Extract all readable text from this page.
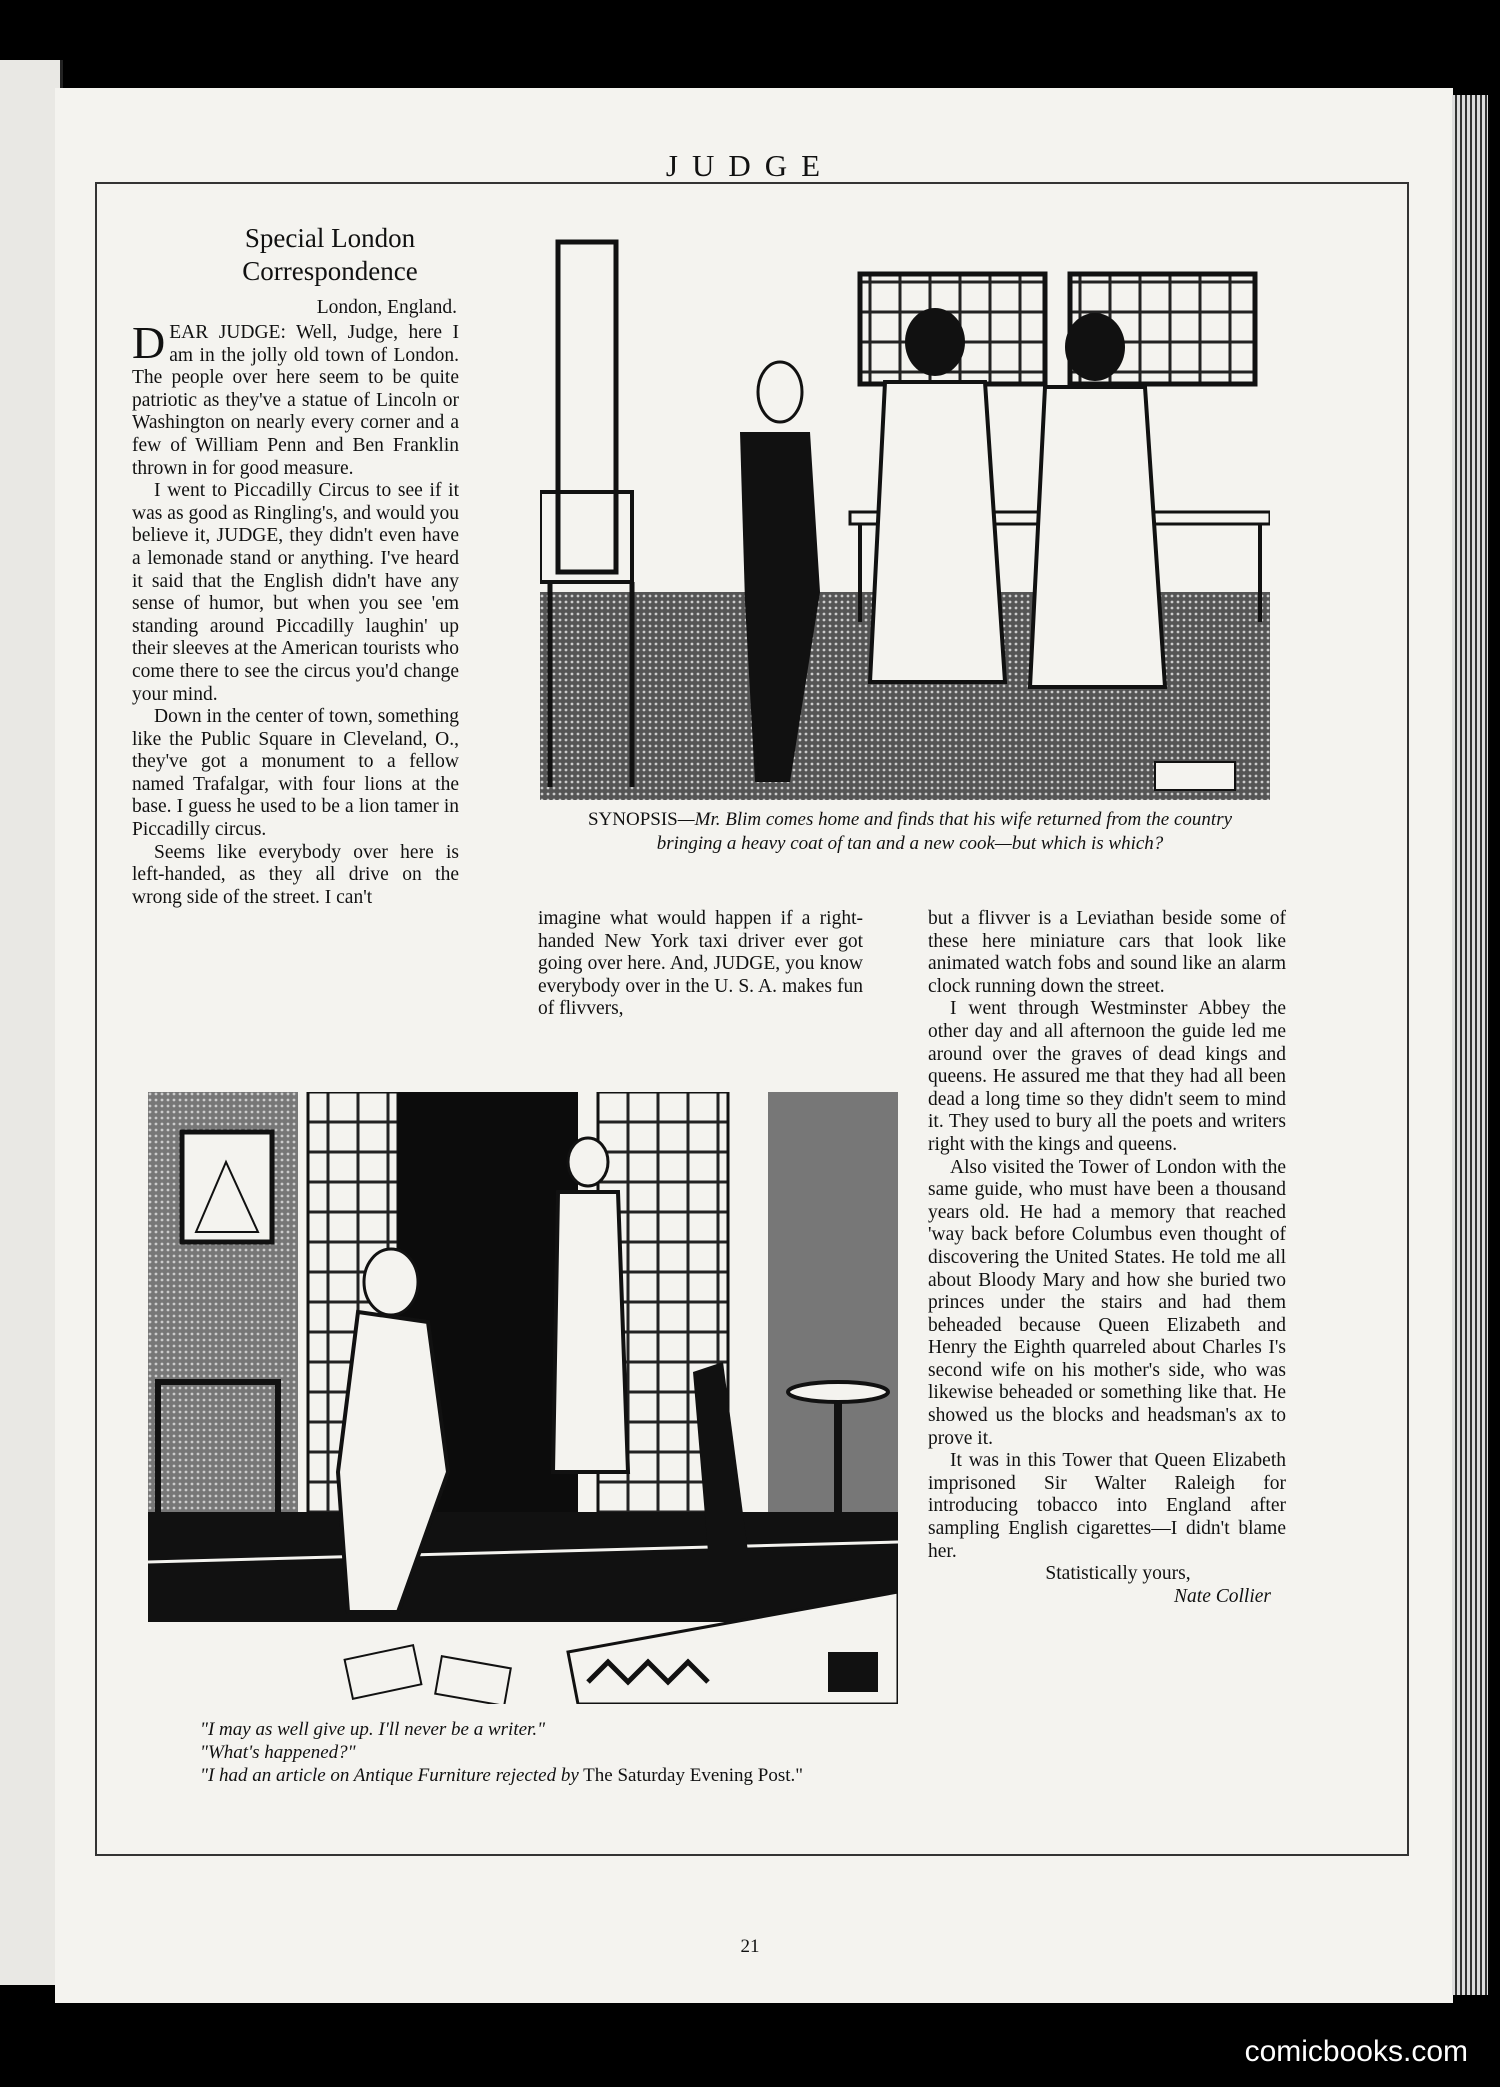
JUDGE
Special London Correspondence
London, England.

DEAR JUDGE: Well, Judge, here I am in the jolly old town of London. The people over here seem to be quite patriotic as they've a statue of Lincoln or Washington on nearly every corner and a few of William Penn and Ben Franklin thrown in for good measure.

I went to Piccadilly Circus to see if it was as good as Ringling's, and would you believe it, JUDGE, they didn't even have a lemonade stand or anything. I've heard it said that the English didn't have any sense of humor, but when you see 'em standing around Piccadilly laughin' up their sleeves at the American tourists who come there to see the circus you'd change your mind.

Down in the center of town, something like the Public Square in Cleveland, O., they've got a monument to a fellow named Trafalgar, with four lions at the base. I guess he used to be a lion tamer in Piccadilly circus.

Seems like everybody over here is left-handed, as they all drive on the wrong side of the street. I can't

imagine what would happen if a right-handed New York taxi driver ever got going over here. And, JUDGE, you know everybody over in the U. S. A. makes fun of flivvers,

but a flivver is a Leviathan beside some of these here miniature cars that look like animated watch fobs and sound like an alarm clock running down the street.

I went through Westminster Abbey the other day and all afternoon the guide led me around over the graves of dead kings and queens. He assured me that they had all been dead a long time so they didn't seem to mind it. They used to bury all the poets and writers right with the kings and queens.

Also visited the Tower of London with the same guide, who must have been a thousand years old. He had a memory that reached 'way back before Columbus even thought of discovering the United States. He told me all about Bloody Mary and how she buried two princes under the stairs and had them beheaded because Queen Elizabeth and Henry the Eighth quarreled about Charles I's second wife on his mother's side, who was likewise beheaded or something like that. He showed us the blocks and headsman's ax to prove it.

It was in this Tower that Queen Elizabeth imprisoned Sir Walter Raleigh for introducing tobacco into England after sampling English cigarettes—I didn't blame her.

Statistically yours,

Nate Collier

SYNOPSIS—Mr. Blim comes home and finds that his wife returned from the country bringing a heavy coat of tan and a new cook—but which is which?

"I may as well give up. I'll never be a writer."

"What's happened?"

"I had an article on Antique Furniture rejected by The Saturday Evening Post."

21
comicbooks.com
